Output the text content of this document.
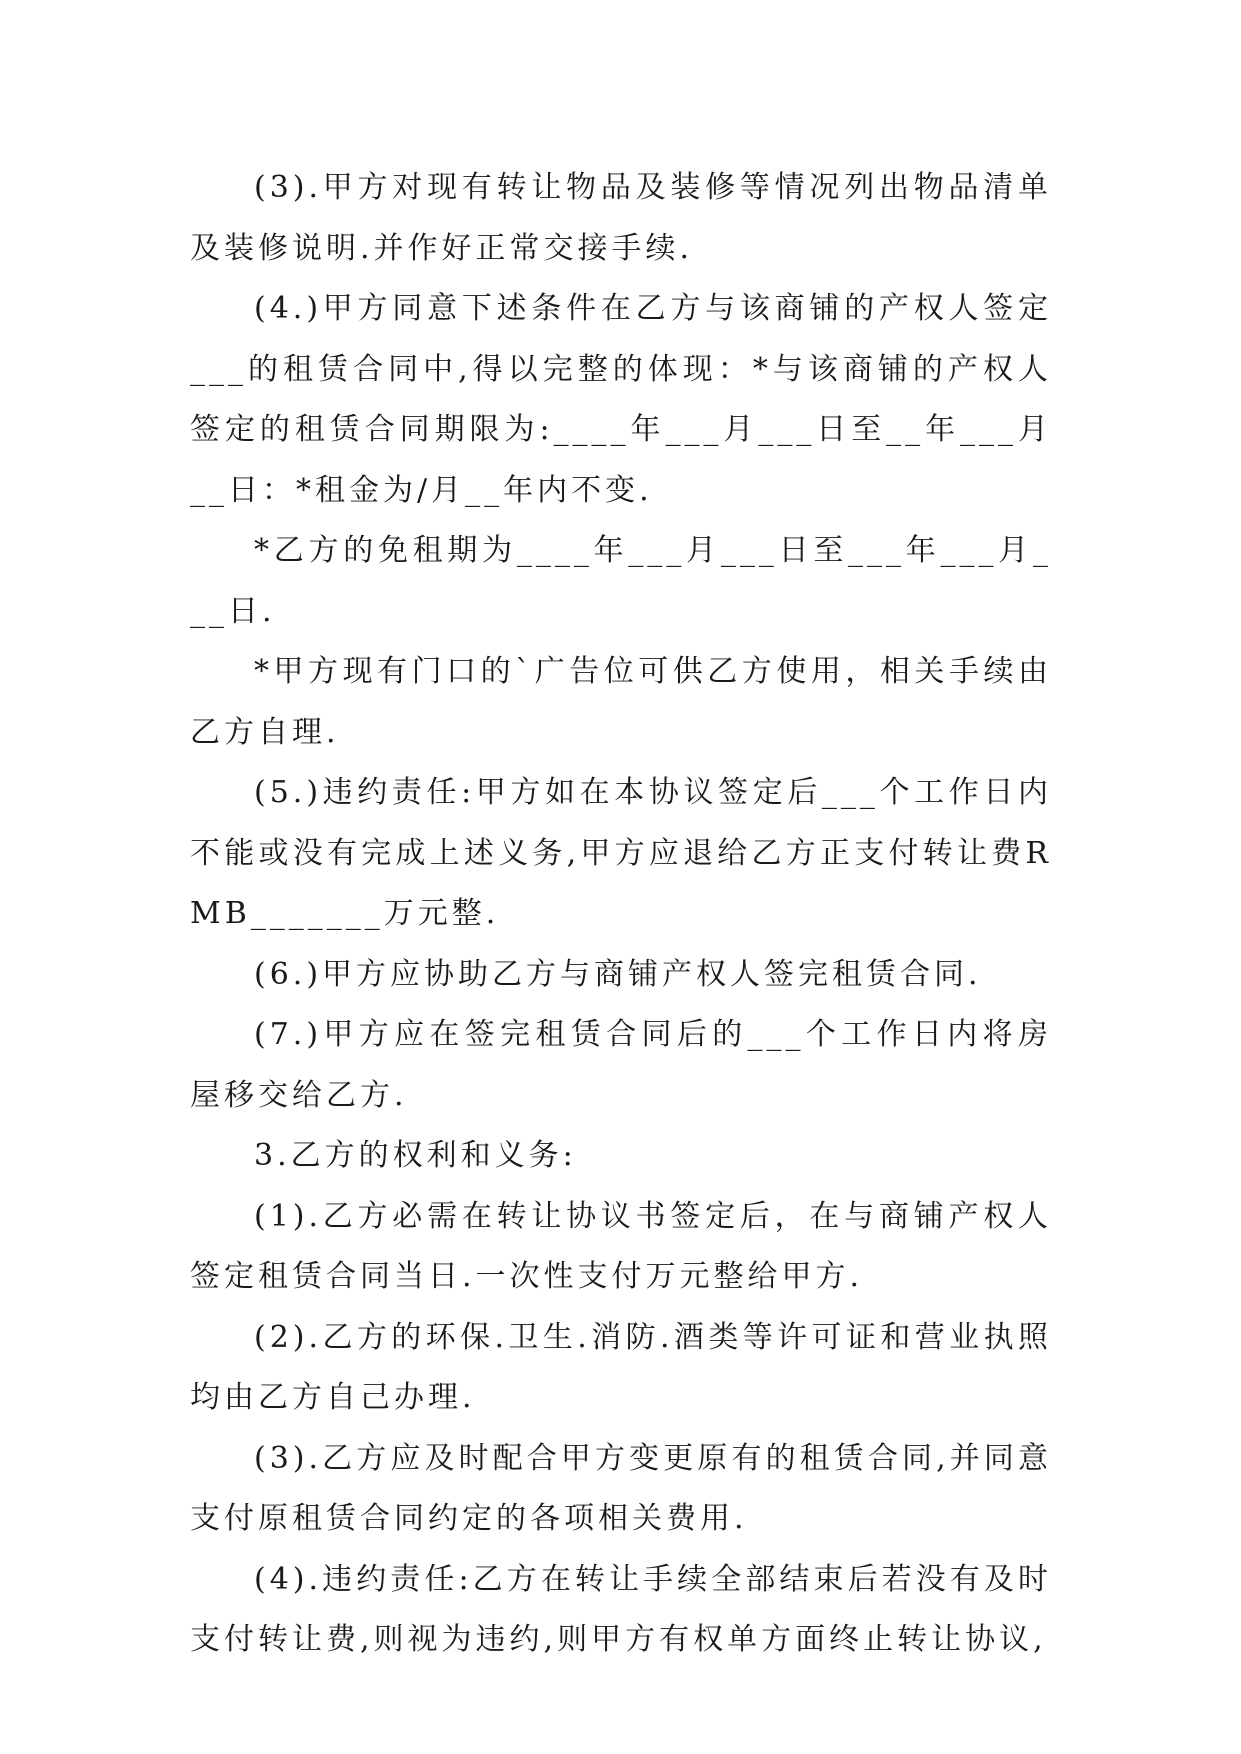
(3).甲方对现有转让物品及装修等情况列出物品清单及装修说明.并作好正常交接手续.

(4.)甲方同意下述条件在乙方与该商铺的产权人签定___的租赁合同中,得以完整的体现：*与该商铺的产权人签定的租赁合同期限为:____年___月___日至__年___月__日：*租金为/月__年内不变.

*乙方的免租期为____年___月___日至___年___月___日.

*甲方现有门口的`广告位可供乙方使用，相关手续由乙方自理.

(5.)违约责任:甲方如在本协议签定后___个工作日内不能或没有完成上述义务,甲方应退给乙方正支付转让费RMB_______万元整.

(6.)甲方应协助乙方与商铺产权人签完租赁合同.

(7.)甲方应在签完租赁合同后的___个工作日内将房屋移交给乙方.

3.乙方的权利和义务:

(1).乙方必需在转让协议书签定后，在与商铺产权人签定租赁合同当日.一次性支付万元整给甲方.

(2).乙方的环保.卫生.消防.酒类等许可证和营业执照均由乙方自己办理.

(3).乙方应及时配合甲方变更原有的租赁合同,并同意支付原租赁合同约定的各项相关费用.

(4).违约责任:乙方在转让手续全部结束后若没有及时支付转让费,则视为违约,则甲方有权单方面终止转让协议,
